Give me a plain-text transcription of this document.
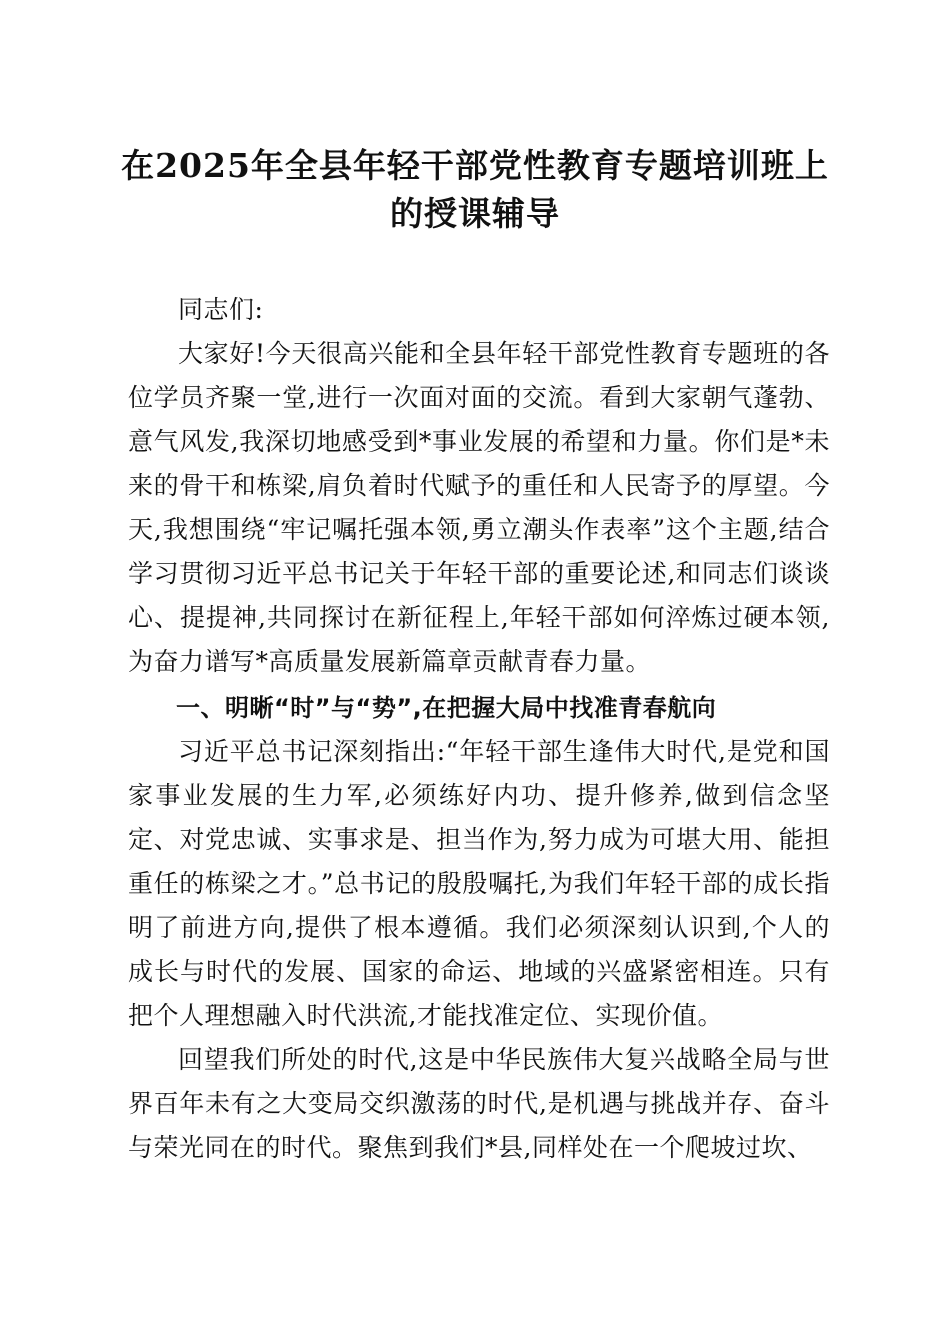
在2025年全县年轻干部党性教育专题培训班上的授课辅导

同志们:

大家好!今天很高兴能和全县年轻干部党性教育专题班的各位学员齐聚一堂,进行一次面对面的交流。看到大家朝气蓬勃、意气风发,我深切地感受到*事业发展的希望和力量。你们是*未来的骨干和栋梁,肩负着时代赋予的重任和人民寄予的厚望。今天,我想围绕“牢记嘱托强本领,勇立潮头作表率”这个主题,结合学习贯彻习近平总书记关于年轻干部的重要论述,和同志们谈谈心、提提神,共同探讨在新征程上,年轻干部如何淬炼过硬本领,为奋力谱写*高质量发展新篇章贡献青春力量。

一、明晰“时”与“势”,在把握大局中找准青春航向

习近平总书记深刻指出:“年轻干部生逢伟大时代,是党和国家事业发展的生力军,必须练好内功、提升修养,做到信念坚定、对党忠诚、实事求是、担当作为,努力成为可堪大用、能担重任的栋梁之才。”总书记的殷殷嘱托,为我们年轻干部的成长指明了前进方向,提供了根本遵循。我们必须深刻认识到,个人的成长与时代的发展、国家的命运、地域的兴盛紧密相连。只有把个人理想融入时代洪流,才能找准定位、实现价值。

回望我们所处的时代,这是中华民族伟大复兴战略全局与世界百年未有之大变局交织激荡的时代,是机遇与挑战并存、奋斗与荣光同在的时代。聚焦到我们*县,同样处在一个爬坡过坎、
